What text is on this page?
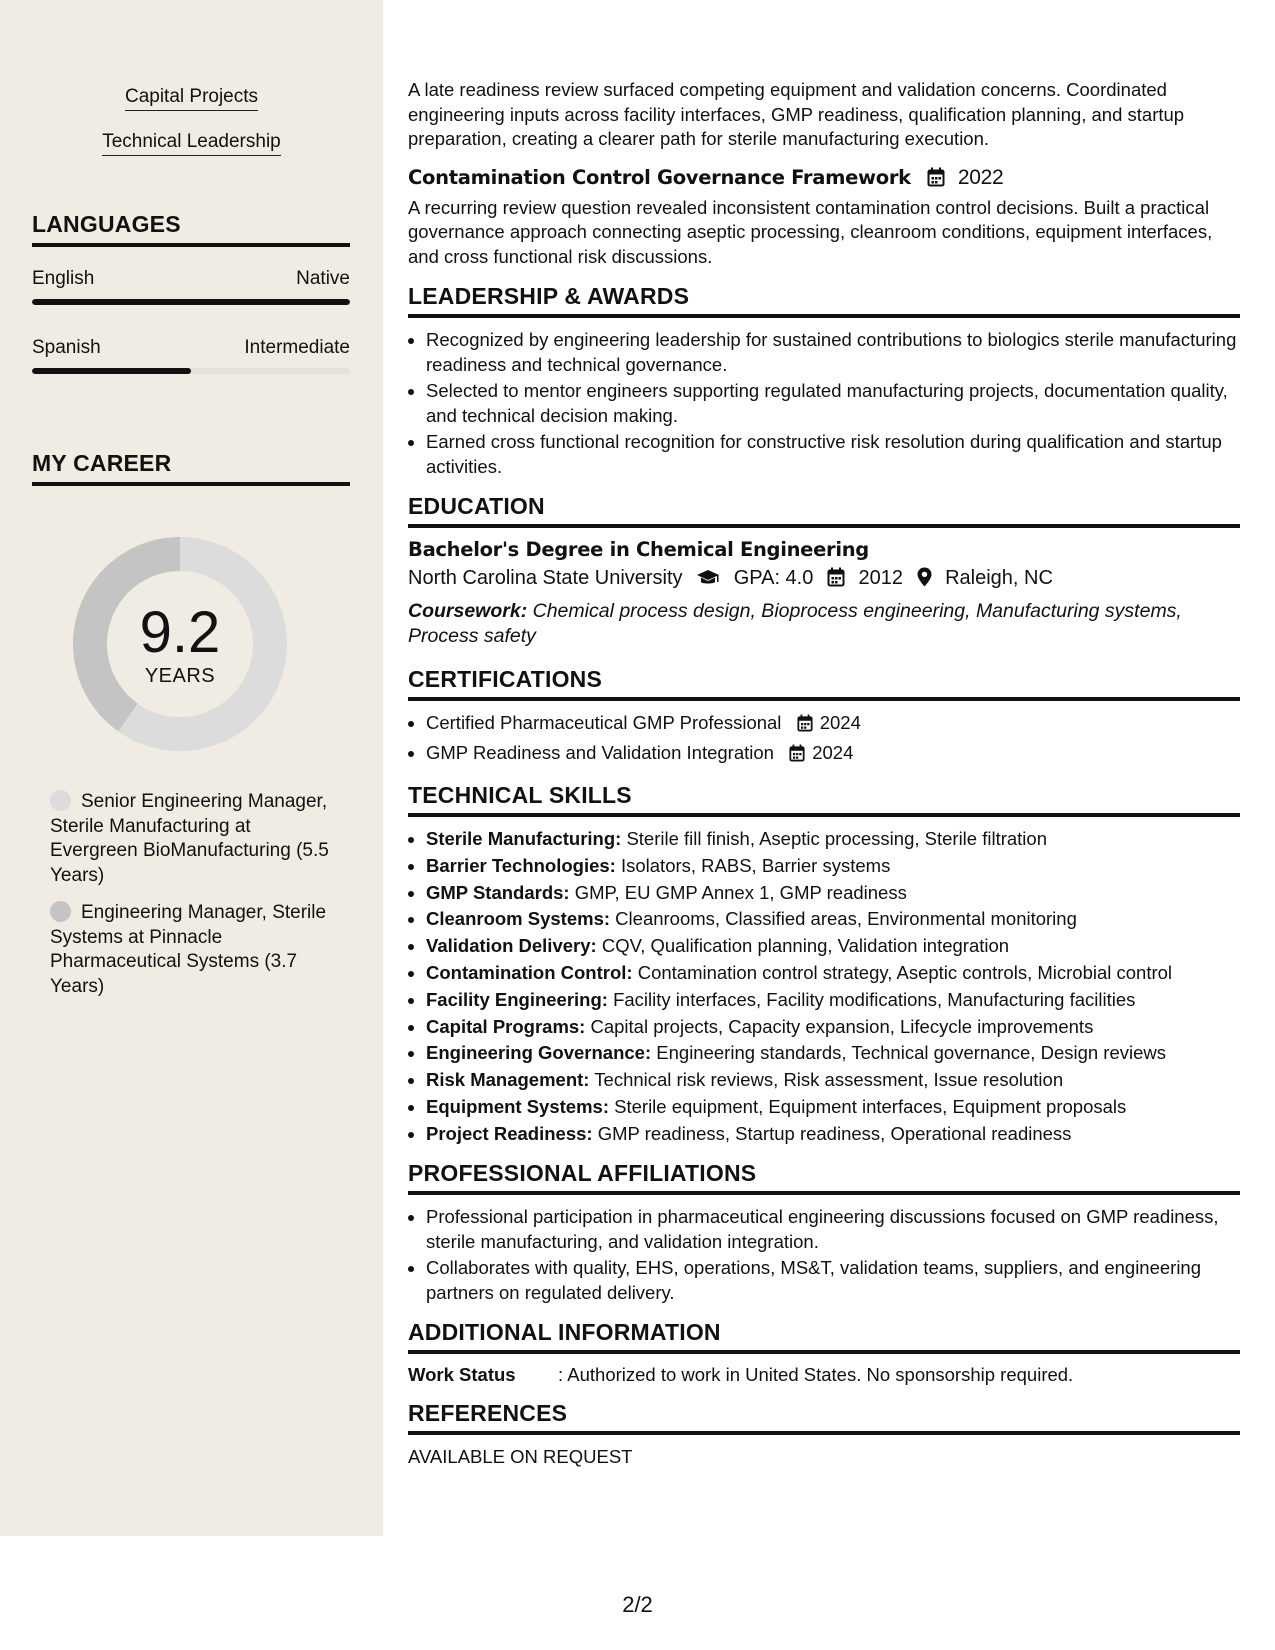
Capital Projects
Technical Leadership
LANGUAGES
English	Native
Spanish	Intermediate
MY CAREER
9.2
YEARS
Senior Engineering Manager, Sterile Manufacturing at Evergreen BioManufacturing (5.5 Years)
Engineering Manager, Sterile Systems at Pinnacle Pharmaceutical Systems (3.7 Years)

A late readiness review surfaced competing equipment and validation concerns. Coordinated engineering inputs across facility interfaces, GMP readiness, qualification planning, and startup preparation, creating a clearer path for sterile manufacturing execution.

Contamination Control Governance Framework 2022

A recurring review question revealed inconsistent contamination control decisions. Built a practical governance approach connecting aseptic processing, cleanroom conditions, equipment interfaces, and cross functional risk discussions.

LEADERSHIP & AWARDS
• Recognized by engineering leadership for sustained contributions to biologics sterile manufacturing readiness and technical governance.
• Selected to mentor engineers supporting regulated manufacturing projects, documentation quality, and technical decision making.
• Earned cross functional recognition for constructive risk resolution during qualification and startup activities.
EDUCATION
Bachelor's Degree in Chemical Engineering
North Carolina State University	GPA: 4.0 2012 Raleigh, NC
Coursework: Chemical process design, Bioprocess engineering, Manufacturing systems, Process safety
CERTIFICATIONS
• Certified Pharmaceutical GMP Professional 2024
• GMP Readiness and Validation Integration 2024
TECHNICAL SKILLS
• Sterile Manufacturing: Sterile fill finish, Aseptic processing, Sterile filtration
• Barrier Technologies: Isolators, RABS, Barrier systems
• GMP Standards: GMP, EU GMP Annex 1, GMP readiness
• Cleanroom Systems: Cleanrooms, Classified areas, Environmental monitoring
• Validation Delivery: CQV, Qualification planning, Validation integration
• Contamination Control: Contamination control strategy, Aseptic controls, Microbial control
• Facility Engineering: Facility interfaces, Facility modifications, Manufacturing facilities
• Capital Programs: Capital projects, Capacity expansion, Lifecycle improvements
• Engineering Governance: Engineering standards, Technical governance, Design reviews
• Risk Management: Technical risk reviews, Risk assessment, Issue resolution
• Equipment Systems: Sterile equipment, Equipment interfaces, Equipment proposals
• Project Readiness: GMP readiness, Startup readiness, Operational readiness
PROFESSIONAL AFFILIATIONS
• Professional participation in pharmaceutical engineering discussions focused on GMP readiness, sterile manufacturing, and validation integration.
• Collaborates with quality, EHS, operations, MS&T, validation teams, suppliers, and engineering partners on regulated delivery.
ADDITIONAL INFORMATION
Work Status	: Authorized to work in United States. No sponsorship required.
REFERENCES
AVAILABLE ON REQUEST
2/2
